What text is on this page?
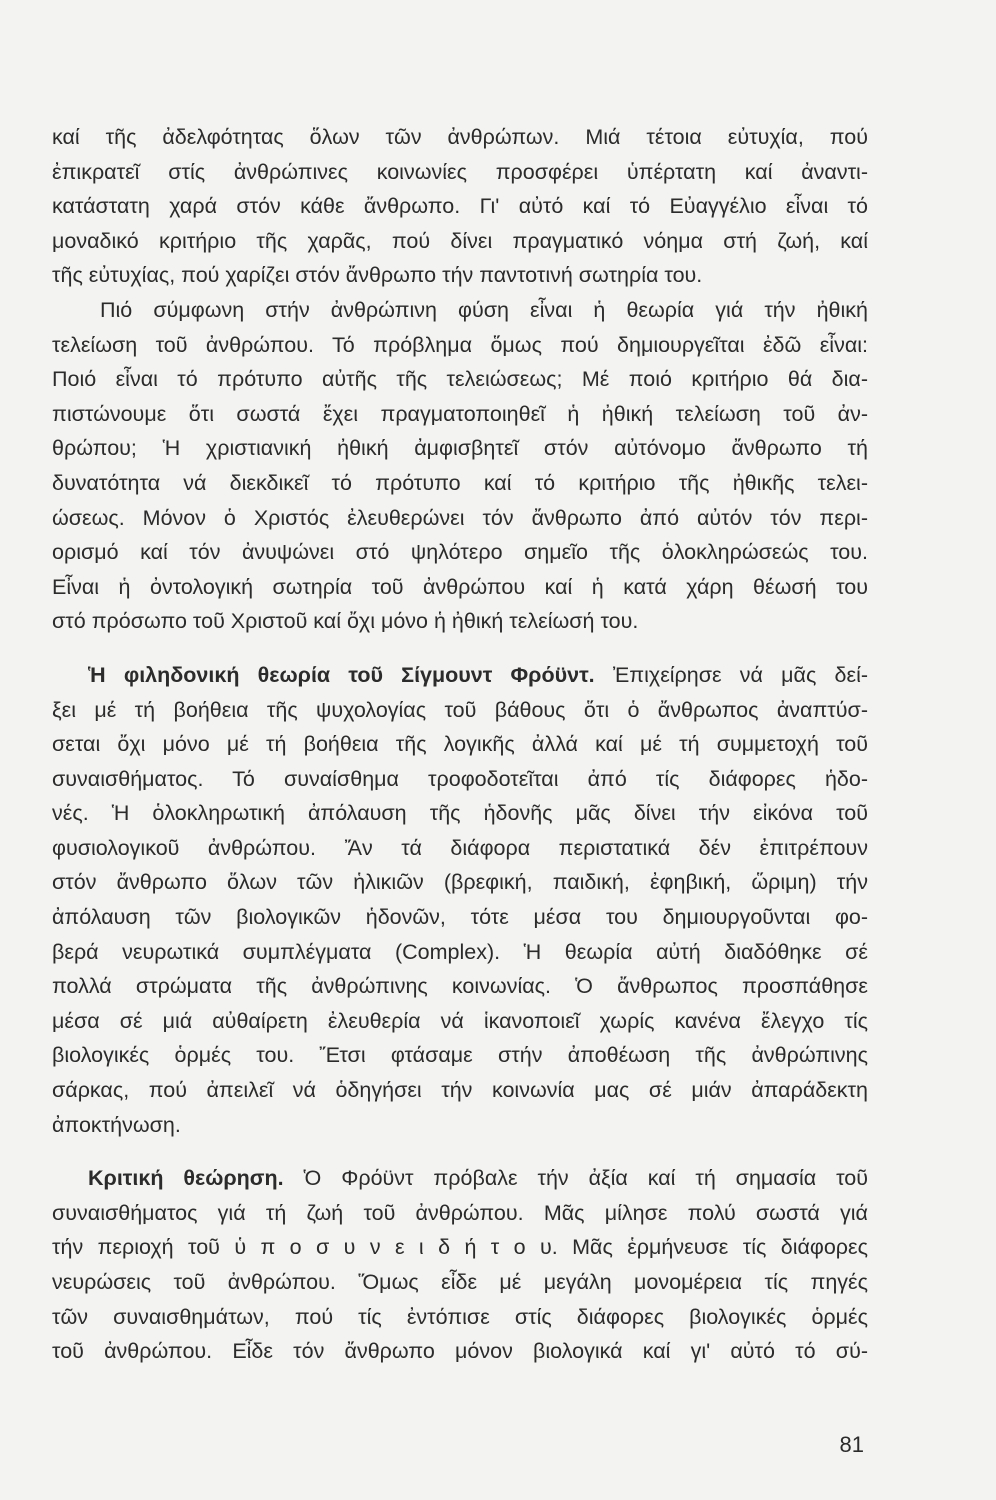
καί τῆς ἀδελφότητας ὅλων τῶν ἀνθρώπων. Μιά τέτοια εὐτυχία, πού
ἐπικρατεῖ στίς ἀνθρώπινες κοινωνίες προσφέρει ὑπέρτατη καί ἀναντι-
κατάστατη χαρά στόν κάθε ἄνθρωπο. Γι' αὐτό καί τό Εὐαγγέλιο εἶναι τό
μοναδικό κριτήριο τῆς χαρᾶς, πού δίνει πραγματικό νόημα στή ζωή, καί
τῆς εὐτυχίας, πού χαρίζει στόν ἄνθρωπο τήν παντοτινή σωτηρία του.
Πιό σύμφωνη στήν ἀνθρώπινη φύση εἶναι ἡ θεωρία γιά τήν ἠθική
τελείωση τοῦ ἀνθρώπου. Τό πρόβλημα ὅμως πού δημιουργεῖται ἐδῶ εἶναι:
Ποιό εἶναι τό πρότυπο αὐτῆς τῆς τελειώσεως; Μέ ποιό κριτήριο θά δια-
πιστώνουμε ὅτι σωστά ἔχει πραγματοποιηθεῖ ἡ ἠθική τελείωση τοῦ ἀν-
θρώπου; Ἡ χριστιανική ἠθική ἀμφισβητεῖ στόν αὐτόνομο ἄνθρωπο τή
δυνατότητα νά διεκδικεῖ τό πρότυπο καί τό κριτήριο τῆς ἠθικῆς τελει-
ώσεως. Μόνον ὁ Χριστός ἐλευθερώνει τόν ἄνθρωπο ἀπό αὐτόν τόν περι-
ορισμό καί τόν ἀνυψώνει στό ψηλότερο σημεῖο τῆς ὁλοκληρώσεώς του.
Εἶναι ἡ ὀντολογική σωτηρία τοῦ ἀνθρώπου καί ἡ κατά χάρη θέωσή του
στό πρόσωπο τοῦ Χριστοῦ καί ὄχι μόνο ἡ ἠθική τελείωσή του.
Ἡ φιληδονική θεωρία τοῦ Σίγμουντ Φρόϋντ. Ἐπιχείρησε νά μᾶς δεί-
ξει μέ τή βοήθεια τῆς ψυχολογίας τοῦ βάθους ὅτι ὁ ἄνθρωπος ἀναπτύσ-
σεται ὄχι μόνο μέ τή βοήθεια τῆς λογικῆς ἀλλά καί μέ τή συμμετοχή τοῦ
συναισθήματος. Τό συναίσθημα τροφοδοτεῖται ἀπό τίς διάφορες ἡδο-
νές. Ἡ ὁλοκληρωτική ἀπόλαυση τῆς ἡδονῆς μᾶς δίνει τήν εἰκόνα τοῦ
φυσιολογικοῦ ἀνθρώπου. Ἄν τά διάφορα περιστατικά δέν ἐπιτρέπουν
στόν ἄνθρωπο ὅλων τῶν ἡλικιῶν (βρεφική, παιδική, ἐφηβική, ὥριμη) τήν
ἀπόλαυση τῶν βιολογικῶν ἡδονῶν, τότε μέσα του δημιουργοῦνται φο-
βερά νευρωτικά συμπλέγματα (Complex). Ἡ θεωρία αὐτή διαδόθηκε σέ
πολλά στρώματα τῆς ἀνθρώπινης κοινωνίας. Ὁ ἄνθρωπος προσπάθησε
μέσα σέ μιά αὐθαίρετη ἐλευθερία νά ἱκανοποιεῖ χωρίς κανένα ἔλεγχο τίς
βιολογικές ὁρμές του. Ἔτσι φτάσαμε στήν ἀποθέωση τῆς ἀνθρώπινης
σάρκας, πού ἀπειλεῖ νά ὁδηγήσει τήν κοινωνία μας σέ μιάν ἀπαράδεκτη
ἀποκτήνωση.
Κριτική θεώρηση. Ὁ Φρόϋντ πρόβαλε τήν ἀξία καί τή σημασία τοῦ
συναισθήματος γιά τή ζωή τοῦ ἀνθρώπου. Μᾶς μίλησε πολύ σωστά γιά
τήν περιοχή τοῦ ὑ π ο σ υ ν ε ι δ ή τ ο υ. Μᾶς ἑρμήνευσε τίς διάφορες
νευρώσεις τοῦ ἀνθρώπου. Ὅμως εἶδε μέ μεγάλη μονομέρεια τίς πηγές
τῶν συναισθημάτων, πού τίς ἐντόπισε στίς διάφορες βιολογικές ὁρμές
τοῦ ἀνθρώπου. Εἶδε τόν ἄνθρωπο μόνον βιολογικά καί γι' αὐτό τό σύ-
81
